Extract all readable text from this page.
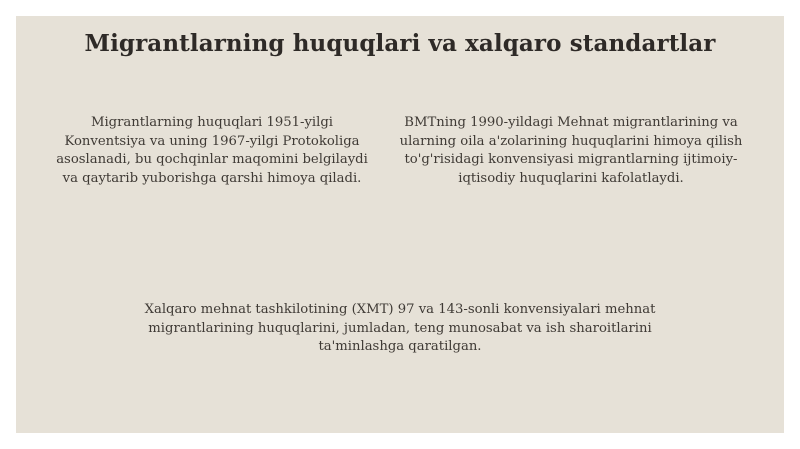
Migrantlarning huquqlari va xalqaro standartlar
Migrantlarning huquqlari 1951-yilgi Konventsiya va uning 1967-yilgi Protokoliga asoslanadi, bu qochqinlar maqomini belgilaydi va qaytarib yuborishga qarshi himoya qiladi.
BMTning 1990-yildagi Mehnat migrantlarining va ularning oila a'zolarining huquqlarini himoya qilish to'g'risidagi konvensiyasi migrantlarning ijtimoiy-iqtisodiy huquqlarini kafolatlaydi.
Xalqaro mehnat tashkilotining (XMT) 97 va 143-sonli konvensiyalari mehnat migrantlarining huquqlarini, jumladan, teng munosabat va ish sharoitlarini ta'minlashga qaratilgan.
